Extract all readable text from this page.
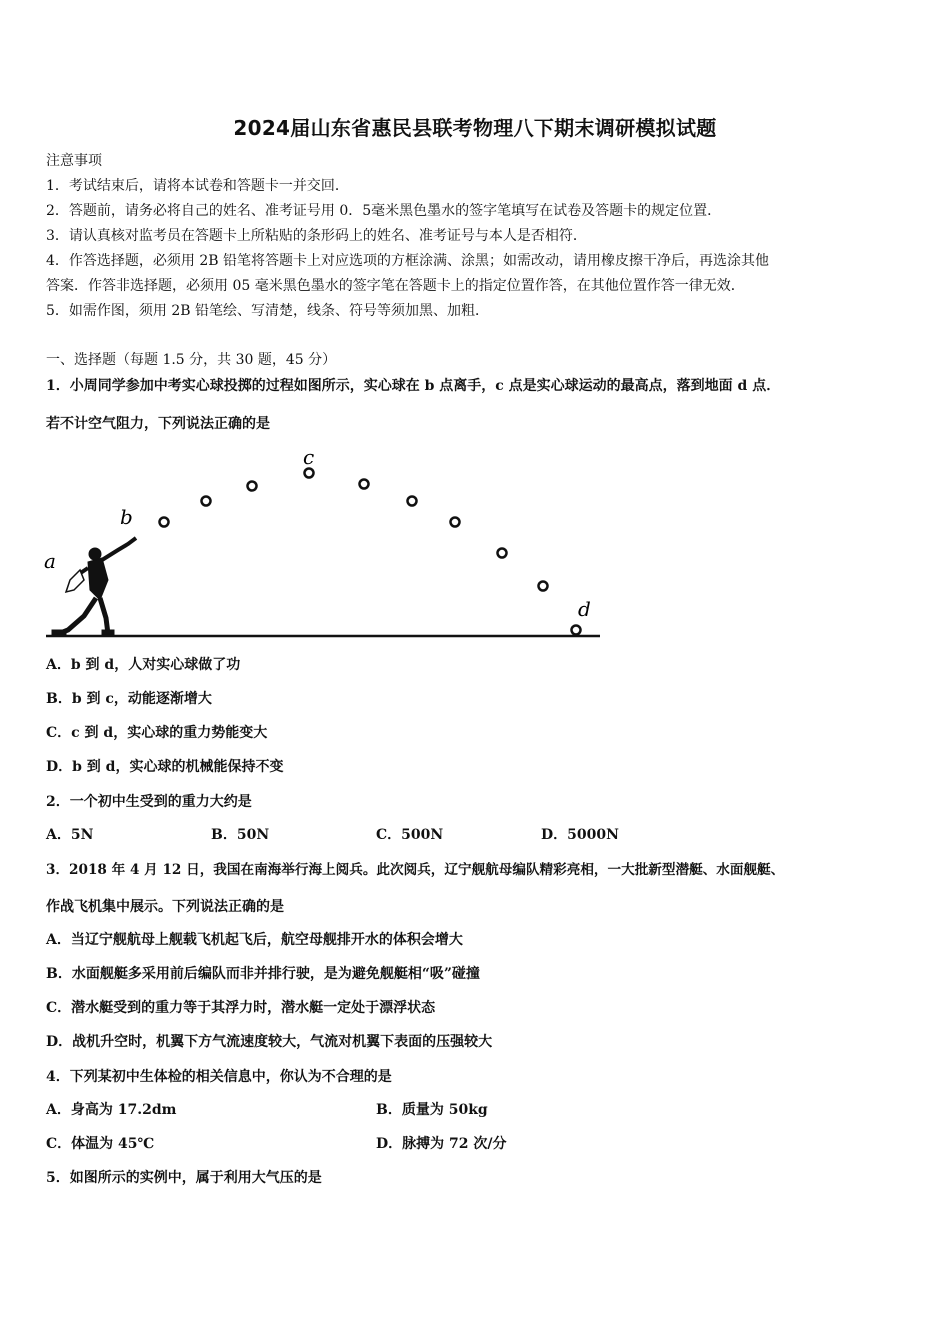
2024届山东省惠民县联考物理八下期末调研模拟试题
注意事项
1．考试结束后，请将本试卷和答题卡一并交回．
2．答题前，请务必将自己的姓名、准考证号用 0．5毫米黑色墨水的签字笔填写在试卷及答题卡的规定位置．
3．请认真核对监考员在答题卡上所粘贴的条形码上的姓名、准考证号与本人是否相符．
4．作答选择题，必须用 2B 铅笔将答题卡上对应选项的方框涂满、涂黑；如需改动，请用橡皮擦干净后，再选涂其他
答案．作答非选择题，必须用 05 毫米黑色墨水的签字笔在答题卡上的指定位置作答，在其他位置作答一律无效．
5．如需作图，须用 2B 铅笔绘、写清楚，线条、符号等须加黑、加粗．
一、选择题（每题 1.5 分，共 30 题，45 分）
1．小周同学参加中考实心球投掷的过程如图所示，实心球在 b 点离手，c 点是实心球运动的最高点，落到地面 d 点．
若不计空气阻力，下列说法正确的是
a
b
c
d
A．b 到 d，人对实心球做了功
B．b 到 c，动能逐渐增大
C．c 到 d，实心球的重力势能变大
D．b 到 d，实心球的机械能保持不变
2．一个初中生受到的重力大约是
A．5N	B．50N	C．500N	D．5000N
3．2018 年 4 月 12 日，我国在南海举行海上阅兵。此次阅兵，辽宁舰航母编队精彩亮相，一大批新型潜艇、水面舰艇、
作战飞机集中展示。下列说法正确的是
A．当辽宁舰航母上舰载飞机起飞后，航空母舰排开水的体积会增大
B．水面舰艇多采用前后编队而非并排行驶，是为避免舰艇相“吸”碰撞
C．潜水艇受到的重力等于其浮力时，潜水艇一定处于漂浮状态
D．战机升空时，机翼下方气流速度较大，气流对机翼下表面的压强较大
4．下列某初中生体检的相关信息中，你认为不合理的是
A．身高为 17.2dm	B．质量为 50kg
C．体温为 45℃	D．脉搏为 72 次/分
5．如图所示的实例中，属于利用大气压的是
